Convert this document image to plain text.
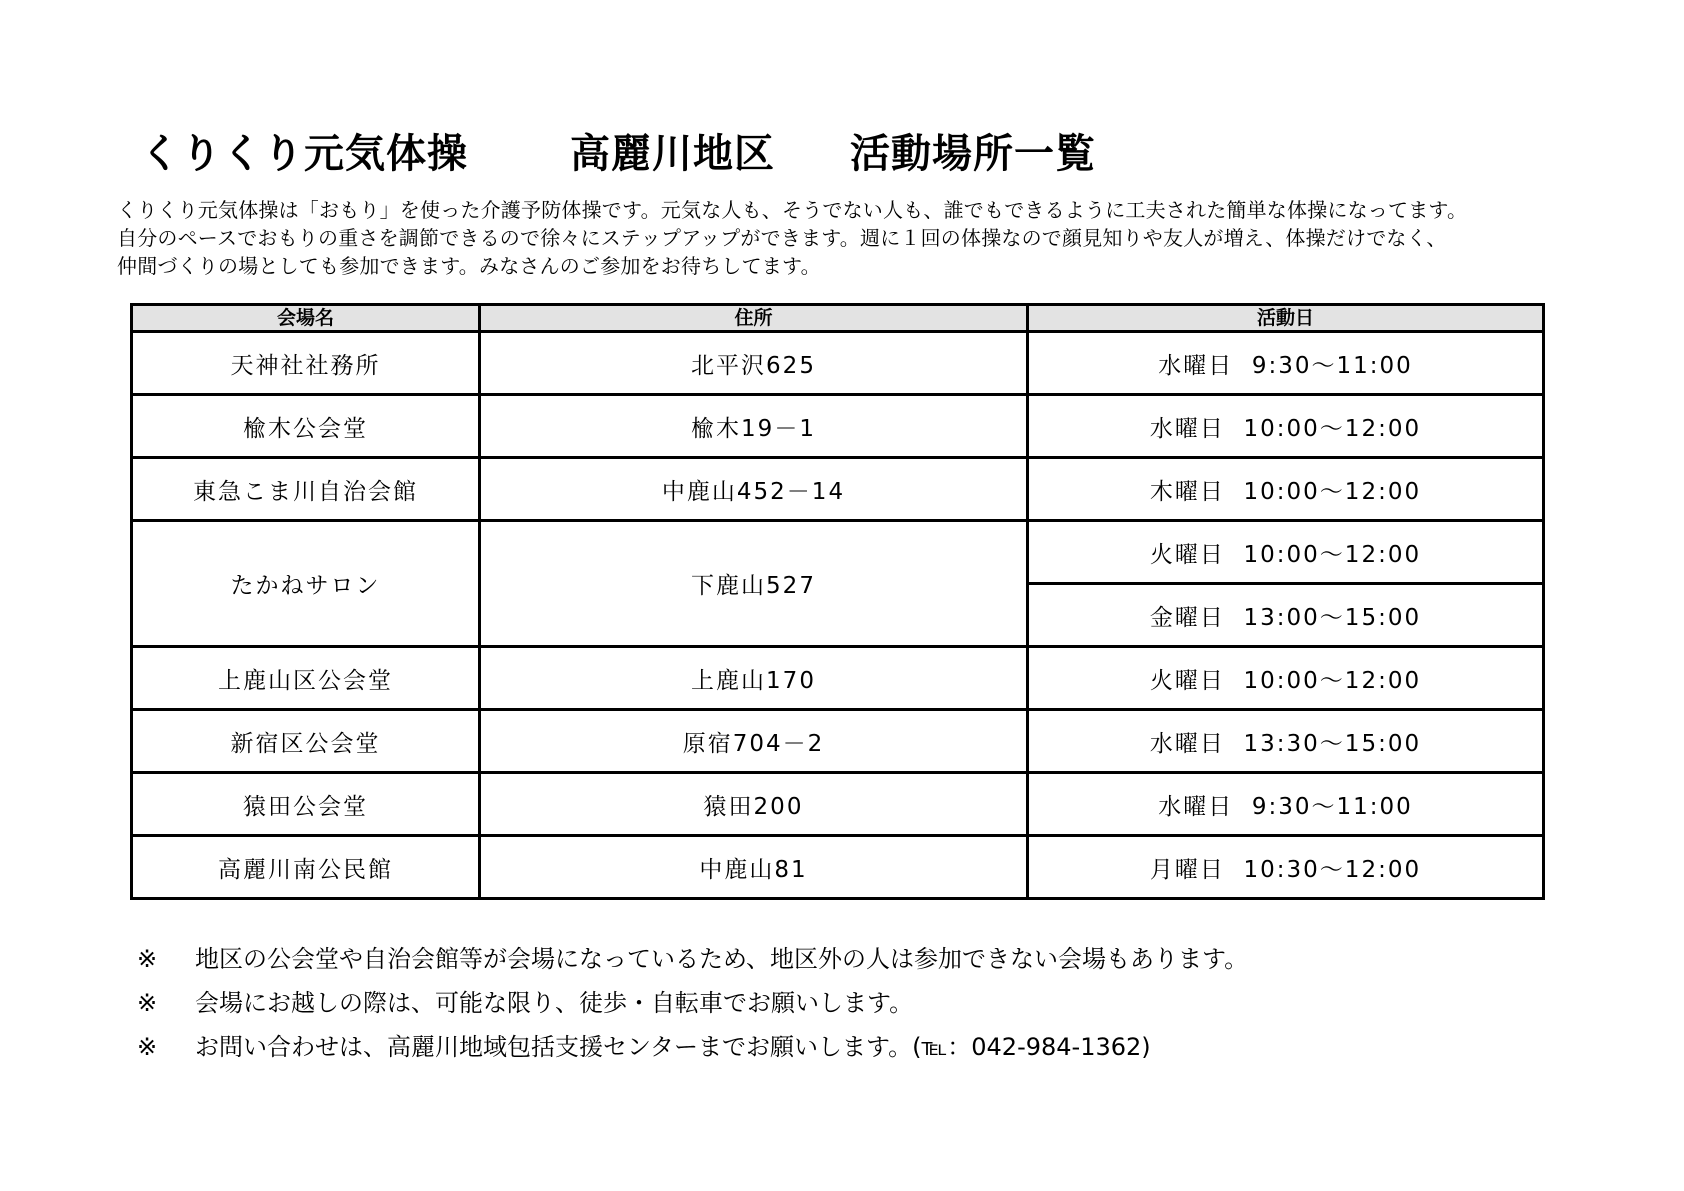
くりくり元気体操	高麗川地区	活動場所一覧
くりくり元気体操は「おもり」を使った介護予防体操です。元気な人も、そうでない人も、誰でもできるように工夫された簡単な体操になってます。
自分のペースでおもりの重さを調節できるので徐々にステップアップができます。週に１回の体操なので顔見知りや友人が増え、体操だけでなく、
仲間づくりの場としても参加できます。みなさんのご参加をお待ちしてます。
会場名	住所	活動日
天神社社務所	北平沢625	水曜日  9:30〜11:00
楡木公会堂	楡木19－1	水曜日  10:00〜12:00
東急こま川自治会館	中鹿山452－14	木曜日  10:00〜12:00
たかねサロン	下鹿山527	火曜日  10:00〜12:00
		金曜日  13:00〜15:00
上鹿山区公会堂	上鹿山170	火曜日  10:00〜12:00
新宿区公会堂	原宿704－2	水曜日  13:30〜15:00
猿田公会堂	猿田200	水曜日  9:30〜11:00
高麗川南公民館	中鹿山81	月曜日  10:30〜12:00
※	地区の公会堂や自治会館等が会場になっているため、地区外の人は参加できない会場もあります。
※	会場にお越しの際は、可能な限り、徒歩・自転車でお願いします。
※	お問い合わせは、高麗川地域包括支援センターまでお願いします。(℡：042-984-1362)
